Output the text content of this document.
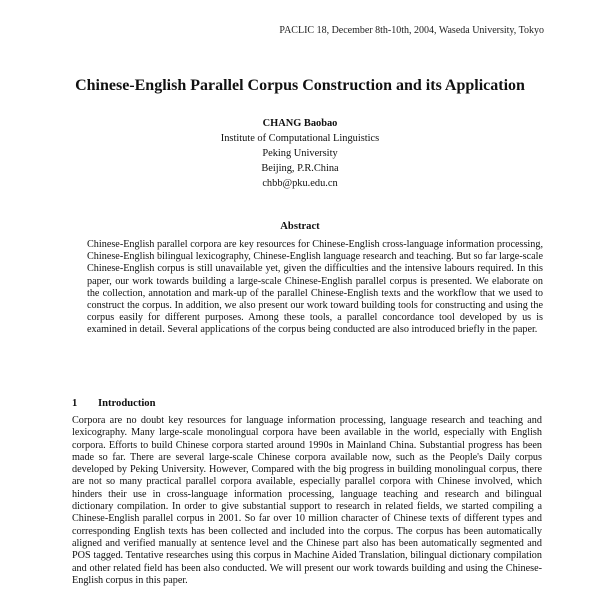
PACLIC 18, December 8th-10th, 2004, Waseda University, Tokyo
Chinese-English Parallel Corpus Construction and its Application
CHANG Baobao
Institute of Computational Linguistics
Peking University
Beijing, P.R.China
chbb@pku.edu.cn
Abstract
Chinese-English parallel corpora are key resources for Chinese-English cross-language information processing, Chinese-English bilingual lexicography, Chinese-English language research and teaching. But so far large-scale Chinese-English corpus is still unavailable yet, given the difficulties and the intensive labours required. In this paper, our work towards building a large-scale Chinese-English parallel corpus is presented. We elaborate on the collection, annotation and mark-up of the parallel Chinese-English texts and the workflow that we used to construct the corpus. In addition, we also present our work toward building tools for constructing and using the corpus easily for different purposes. Among these tools, a parallel concordance tool developed by us is examined in detail. Several applications of the corpus being conducted are also introduced briefly in the paper.
1 Introduction
Corpora are no doubt key resources for language information processing, language research and teaching and lexicography. Many large-scale monolingual corpora have been available in the world, especially with English corpora. Efforts to build Chinese corpora started around 1990s in Mainland China. Substantial progress has been made so far. There are several large-scale Chinese corpora available now, such as the People's Daily corpus developed by Peking University. However, Compared with the big progress in building monolingual corpus, there are not so many practical parallel corpora available, especially parallel corpora with Chinese involved, which hinders their use in cross-language information processing, language teaching and research and bilingual dictionary compilation. In order to give substantial support to research in related fields, we started compiling a Chinese-English parallel corpus in 2001. So far over 10 million character of Chinese texts of different types and corresponding English texts has been collected and included into the corpus. The corpus has been automatically aligned and verified manually at sentence level and the Chinese part also has been automatically segmented and POS tagged. Tentative researches using this corpus in Machine Aided Translation, bilingual dictionary compilation and other related field has been also conducted. We will present our work towards building and using the Chinese-English corpus in this paper.
